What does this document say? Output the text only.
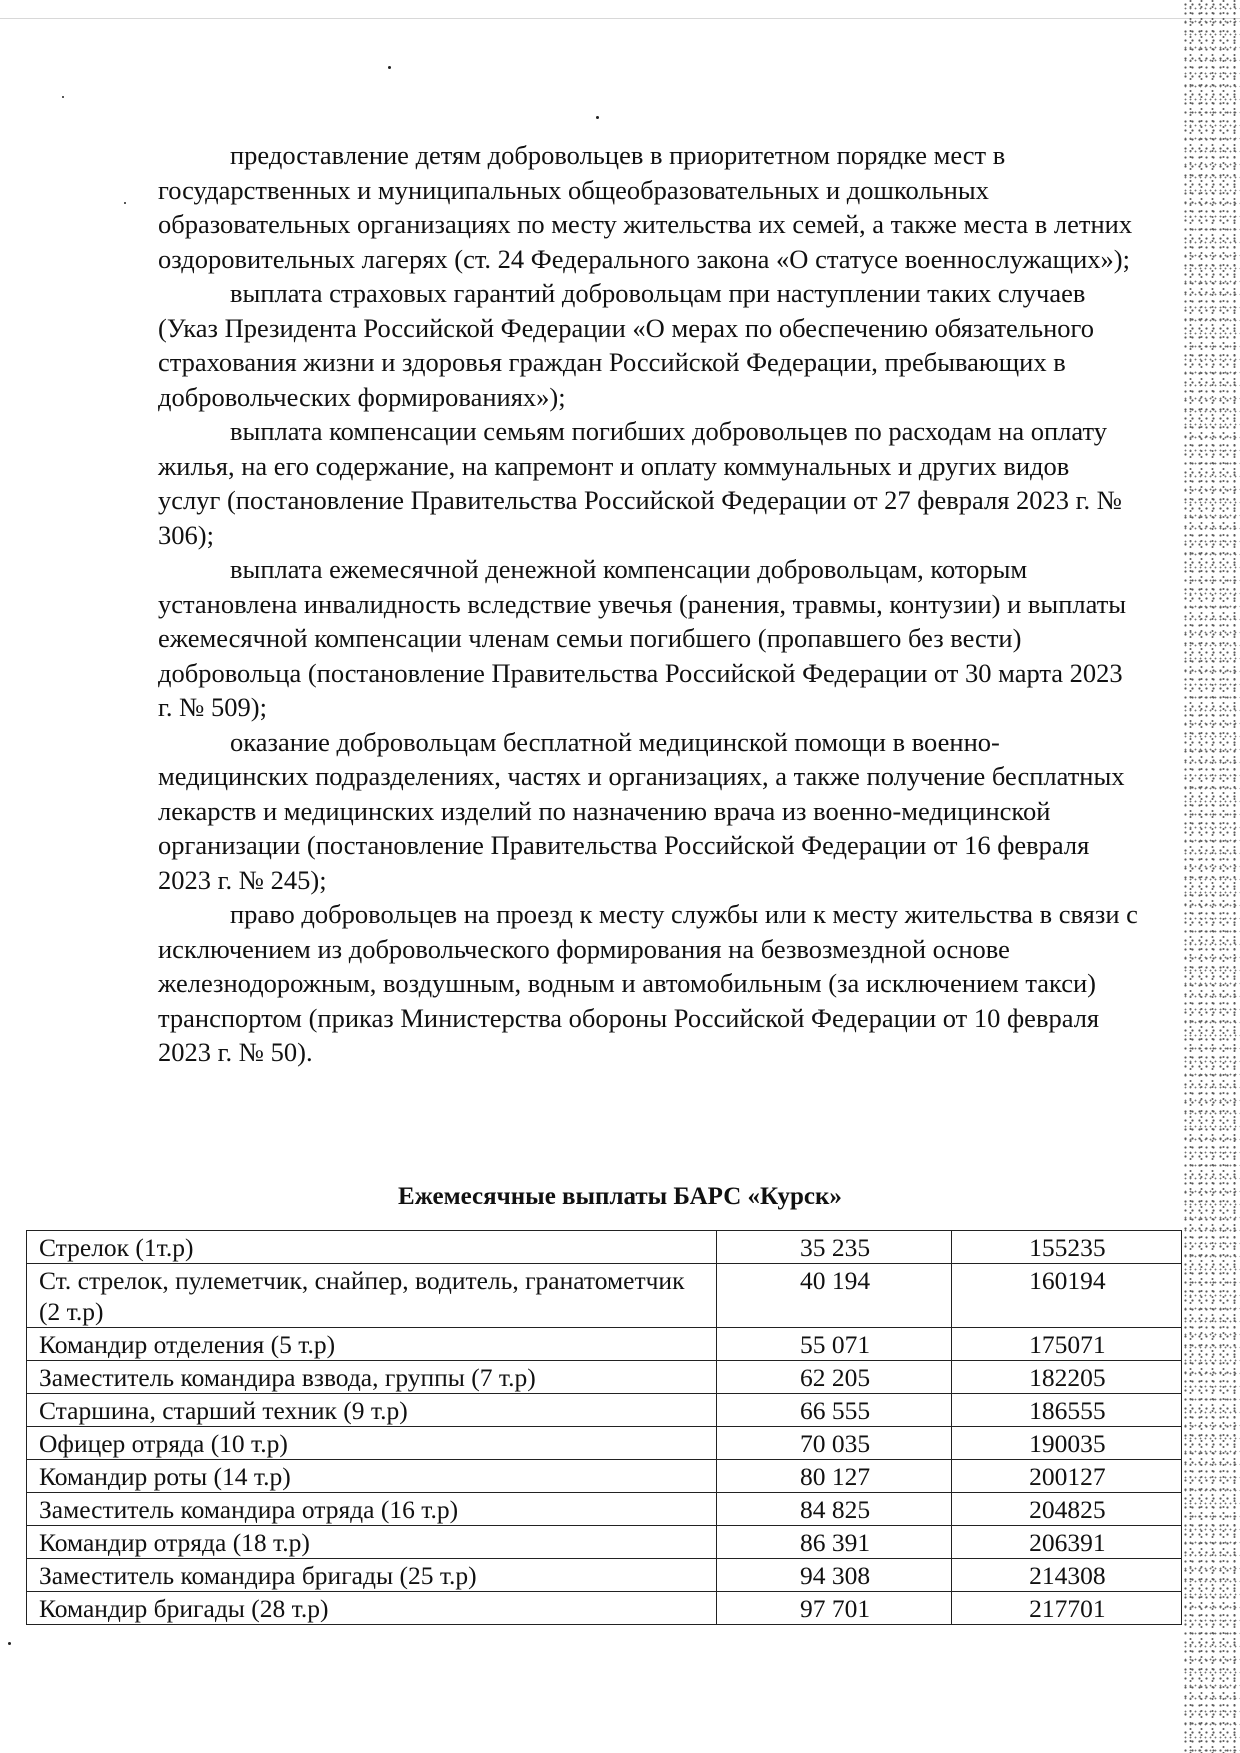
предоставление детям добровольцев в приоритетном порядке мест в государственных и муниципальных общеобразовательных и дошкольных образовательных организациях по месту жительства их семей, а также места в летних оздоровительных лагерях (ст. 24 Федерального закона «О статусе военнослужащих»);

выплата страховых гарантий добровольцам при наступлении таких случаев (Указ Президента Российской Федерации «О мерах по обеспечению обязательного страхования жизни и здоровья граждан Российской Федерации, пребывающих в добровольческих формированиях»);

выплата компенсации семьям погибших добровольцев по расходам на оплату жилья, на его содержание, на капремонт и оплату коммунальных и других видов услуг (постановление Правительства Российской Федерации от 27 февраля 2023 г. № 306);

выплата ежемесячной денежной компенсации добровольцам, которым установлена инвалидность вследствие увечья (ранения, травмы, контузии) и выплаты ежемесячной компенсации членам семьи погибшего (пропавшего без вести) добровольца (постановление Правительства Российской Федерации от 30 марта 2023 г. № 509);

оказание добровольцам бесплатной медицинской помощи в военно-медицинских подразделениях, частях и организациях, а также получение бесплатных лекарств и медицинских изделий по назначению врача из военно-медицинской организации (постановление Правительства Российской Федерации от 16 февраля 2023 г. № 245);

право добровольцев на проезд к месту службы или к месту жительства в связи с исключением из добровольческого формирования на безвозмездной основе железнодорожным, воздушным, водным и автомобильным (за исключением такси) транспортом (приказ Министерства обороны Российской Федерации от 10 февраля 2023 г. № 50).

Ежемесячные выплаты БАРС «Курск»
Стрелок (1т.р)	35 235	155235
Ст. стрелок, пулеметчик, снайпер, водитель, гранатометчик (2 т.р)	40 194	160194
Командир отделения (5 т.р)	55 071	175071
Заместитель командира взвода, группы (7 т.р)	62 205	182205
Старшина, старший техник (9 т.р)	66 555	186555
Офицер отряда (10 т.р)	70 035	190035
Командир роты (14 т.р)	80 127	200127
Заместитель командира отряда (16 т.р)	84 825	204825
Командир отряда (18 т.р)	86 391	206391
Заместитель командира бригады (25 т.р)	94 308	214308
Командир бригады (28 т.р)	97 701	217701
